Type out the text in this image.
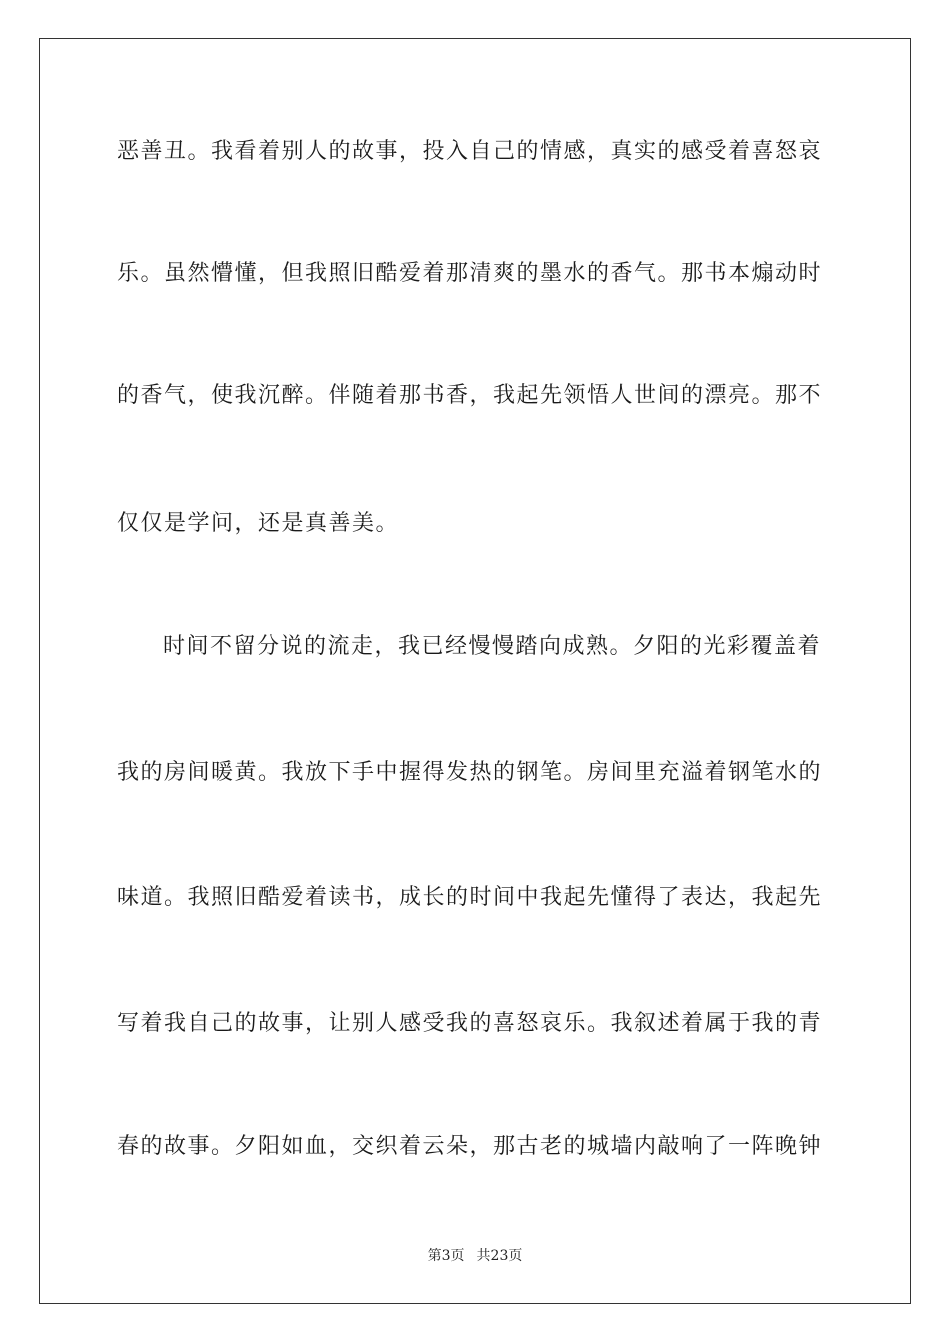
恶善丑。我看着别人的故事，投入自己的情感，真实的感受着喜怒哀
乐。虽然懵懂，但我照旧酷爱着那清爽的墨水的香气。那书本煽动时
的香气，使我沉醉。伴随着那书香，我起先领悟人世间的漂亮。那不
仅仅是学问，还是真善美。
时间不留分说的流走，我已经慢慢踏向成熟。夕阳的光彩覆盖着
我的房间暖黄。我放下手中握得发热的钢笔。房间里充溢着钢笔水的
味道。我照旧酷爱着读书，成长的时间中我起先懂得了表达，我起先
写着我自己的故事，让别人感受我的喜怒哀乐。我叙述着属于我的青
春的故事。夕阳如血，交织着云朵，那古老的城墙内敲响了一阵晚钟
第3页 共23页
